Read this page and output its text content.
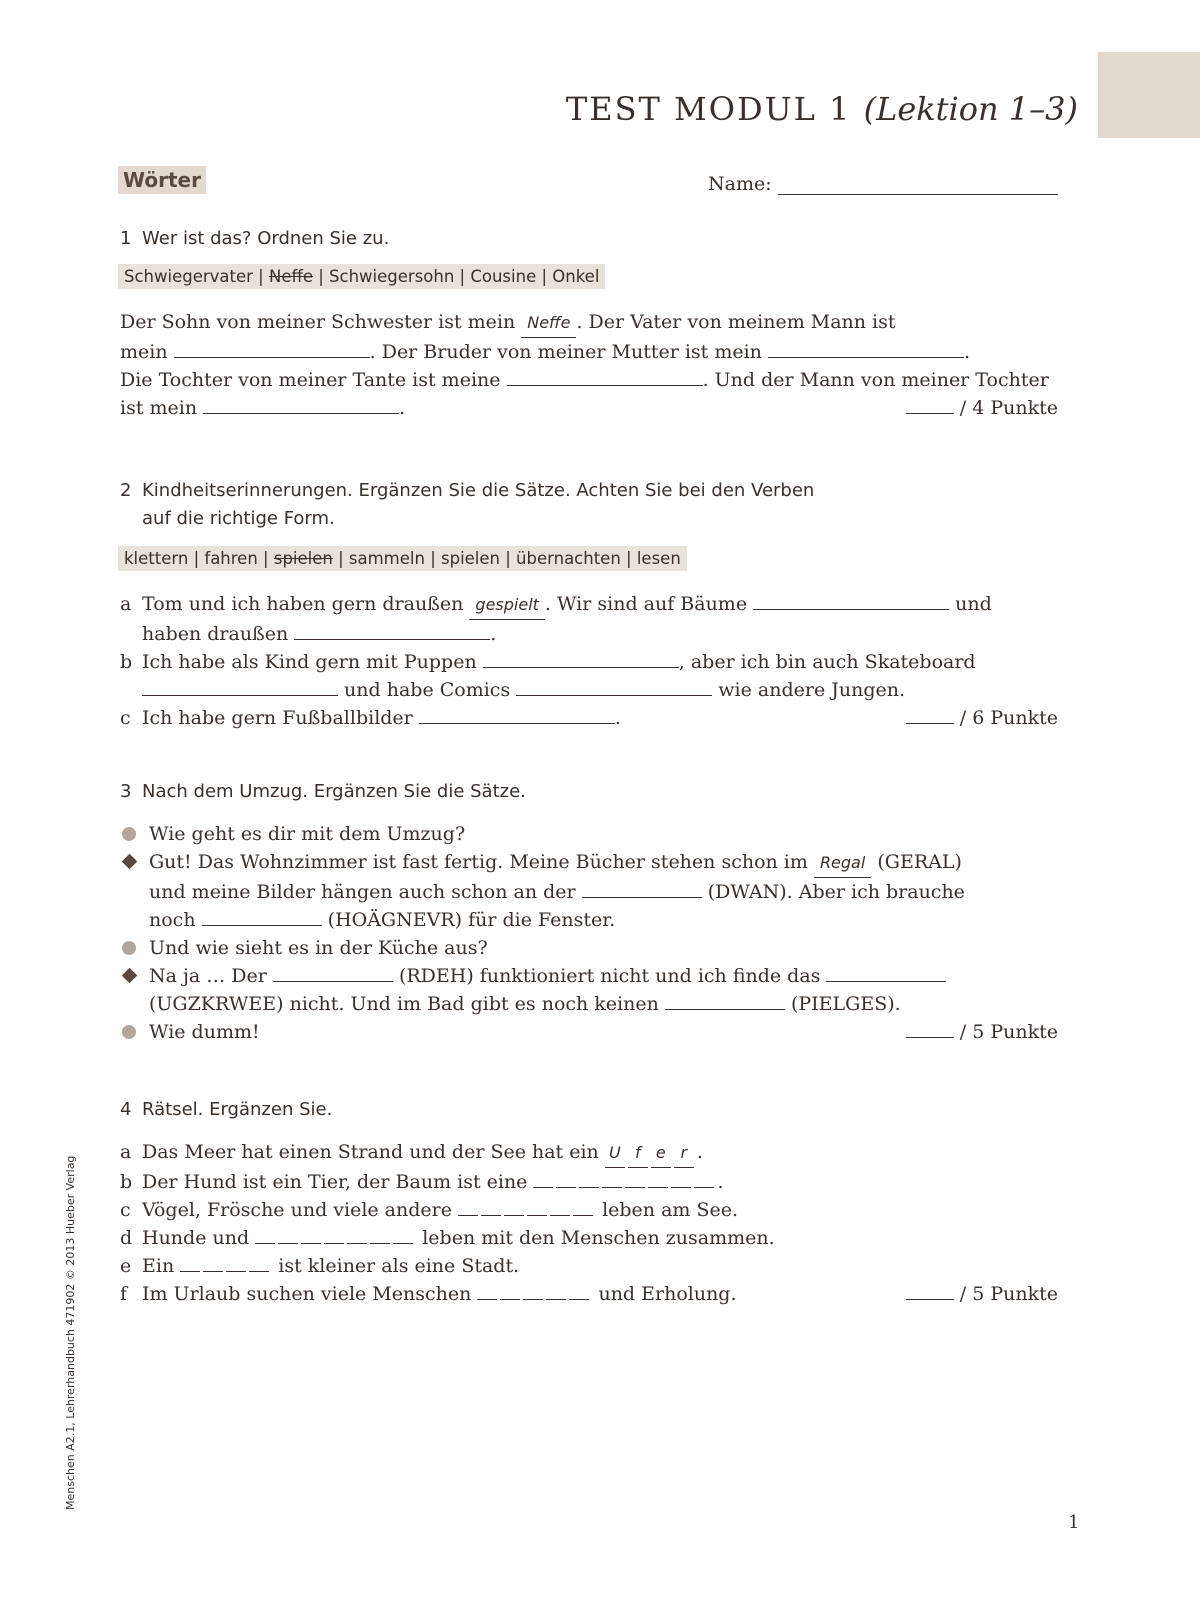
TEST MODUL 1 (Lektion 1–3)
Wörter	Name:
1 Wer ist das? Ordnen Sie zu.
Schwiegervater | Neffe | Schwiegersohn | Cousine | Onkel
Der Sohn von meiner Schwester ist mein Neffe . Der Vater von meinem Mann ist
mein	. Der Bruder von meiner Mutter ist mein	.
Die Tochter von meiner Tante ist meine	. Und der Mann von meiner Tochter
ist mein	.	/ 4 Punkte
2 Kindheitserinnerungen. Ergänzen Sie die Sätze. Achten Sie bei den Verben
auf die richtige Form.
klettern | fahren | spielen | sammeln | spielen | übernachten | lesen
a Tom und ich haben gern draußen gespielt . Wir sind auf Bäume	und
haben draußen	.
b Ich habe als Kind gern mit Puppen	, aber ich bin auch Skateboard
und habe Comics	wie andere Jungen.
c Ich habe gern Fußballbilder	.	/ 6 Punkte
3 Nach dem Umzug. Ergänzen Sie die Sätze.
Wie geht es dir mit dem Umzug?
Gut! Das Wohnzimmer ist fast fertig. Meine Bücher stehen schon im Regal (GERAL)
und meine Bilder hängen auch schon an der	(DWAN). Aber ich brauche
noch	(HOÄGNEVR) für die Fenster.
Und wie sieht es in der Küche aus?
Na ja … Der	(RDEH) funktioniert nicht und ich finde das
(UGZKRWEE) nicht. Und im Bad gibt es noch keinen	(PIELGES).
Wie dumm!	/ 5 Punkte
4 Rätsel. Ergänzen Sie.
a Das Meer hat einen Strand und der See hat ein U f e r .
b Der Hund ist ein Tier, der Baum ist eine	.
c Vögel, Frösche und viele andere	leben am See.
d Hunde und	leben mit den Menschen zusammen.
e Ein	ist kleiner als eine Stadt.
f Im Urlaub suchen viele Menschen	und Erholung.	/ 5 Punkte
Menschen A2.1, Lehrerhandbuch 471902 © 2013 Hueber Verlag
1
